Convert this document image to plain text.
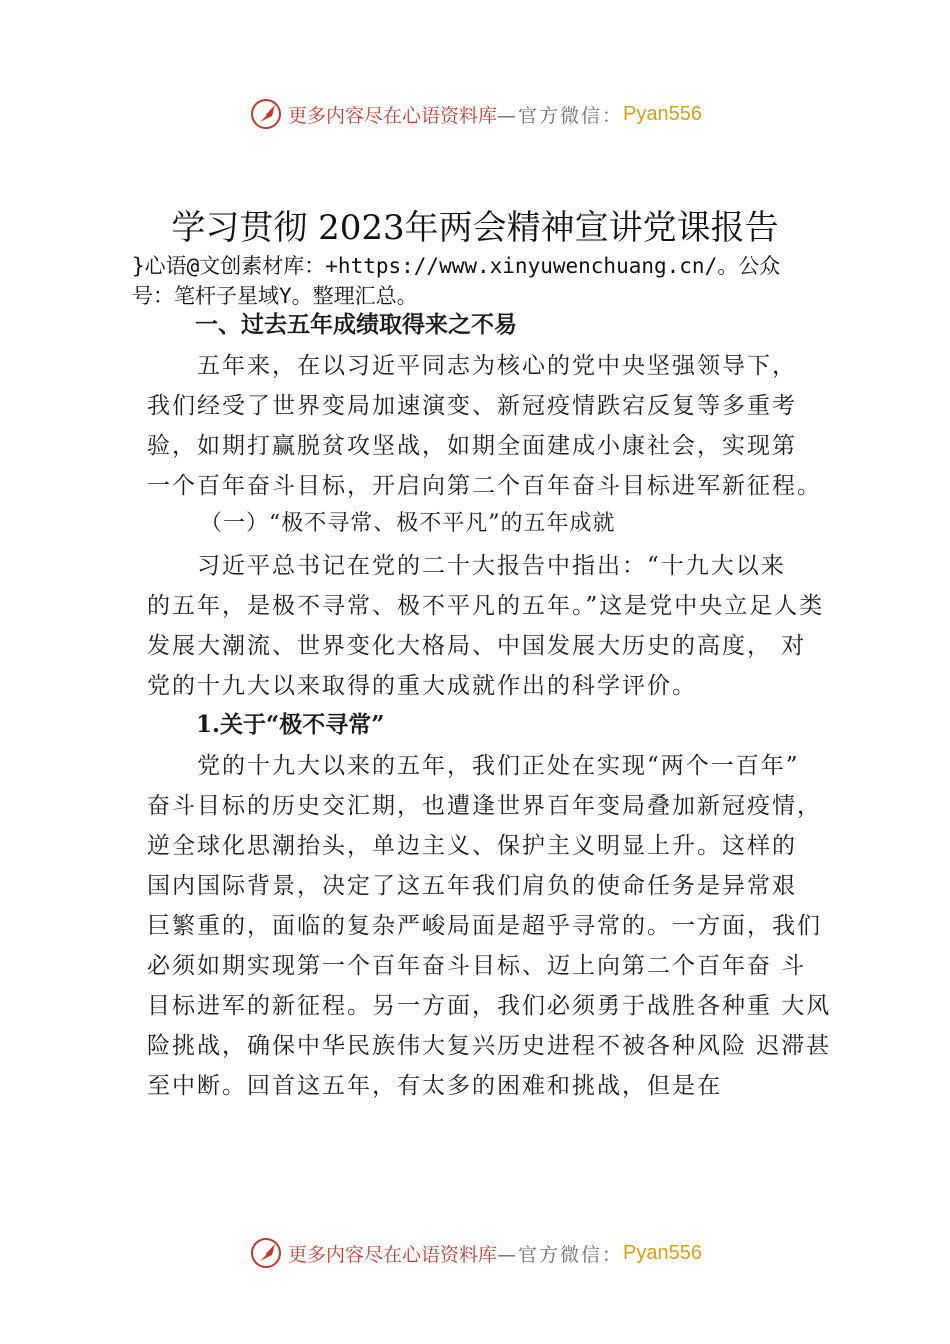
更多内容尽在心语资料库 —官方微信： Pyan556
学习贯彻 2023年两会精神宣讲党课报告
}心语@文创素材库：+https://www.xinyuwenchuang.cn/。公众
号：笔杆子星域Y。整理汇总。
一、过去五年成绩取得来之不易
五年来，在以习近平同志为核心的党中央坚强领导下，
我们经受了世界变局加速演变、新冠疫情跌宕反复等多重考
验，如期打赢脱贫攻坚战，如期全面建成小康社会，实现第
一个百年奋斗目标，开启向第二个百年奋斗目标进军新征程。
（一）“极不寻常、极不平凡”的五年成就
习近平总书记在党的二十大报告中指出：“十九大以来
的五年，是极不寻常、极不平凡的五年。”这是党中央立足人类
发展大潮流、世界变化大格局、中国发展大历史的高度， 对
党的十九大以来取得的重大成就作出的科学评价。
1.关于“极不寻常”
党的十九大以来的五年，我们正处在实现“两个一百年”
奋斗目标的历史交汇期，也遭逢世界百年变局叠加新冠疫情，
逆全球化思潮抬头，单边主义、保护主义明显上升。这样的
国内国际背景，决定了这五年我们肩负的使命任务是异常艰
巨繁重的，面临的复杂严峻局面是超乎寻常的。一方面，我们
必须如期实现第一个百年奋斗目标、迈上向第二个百年奋 斗
目标进军的新征程。另一方面，我们必须勇于战胜各种重 大风
险挑战，确保中华民族伟大复兴历史进程不被各种风险 迟滞甚
至中断。回首这五年，有太多的困难和挑战，但是在
更多内容尽在心语资料库 —官方微信： Pyan556
